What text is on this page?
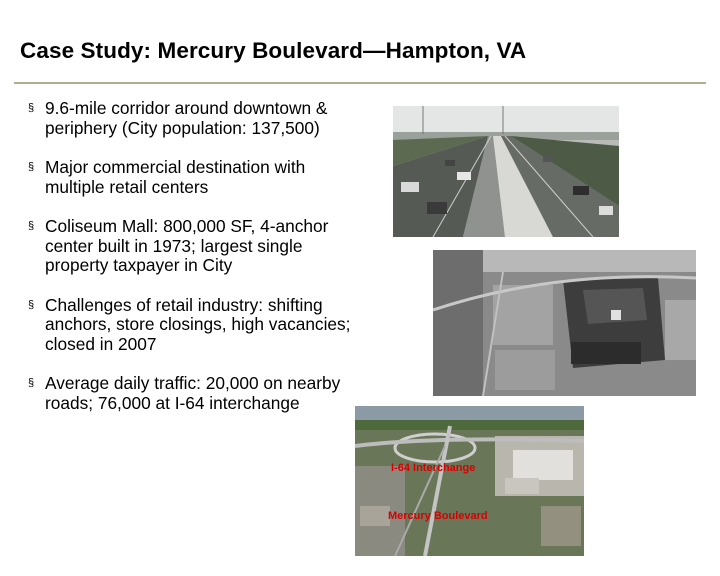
Case Study: Mercury Boulevard—Hampton, VA
§ 9.6-mile corridor around downtown & periphery (City population: 137,500)
§ Major commercial destination with multiple retail centers
§ Coliseum Mall: 800,000 SF, 4-anchor center built in 1973; largest single property taxpayer in City
§ Challenges of retail industry: shifting anchors, store closings, high vacancies; closed in 2007
§ Average daily traffic: 20,000 on nearby roads; 76,000 at I-64 interchange
I-64 Interchange
Mercury Boulevard
